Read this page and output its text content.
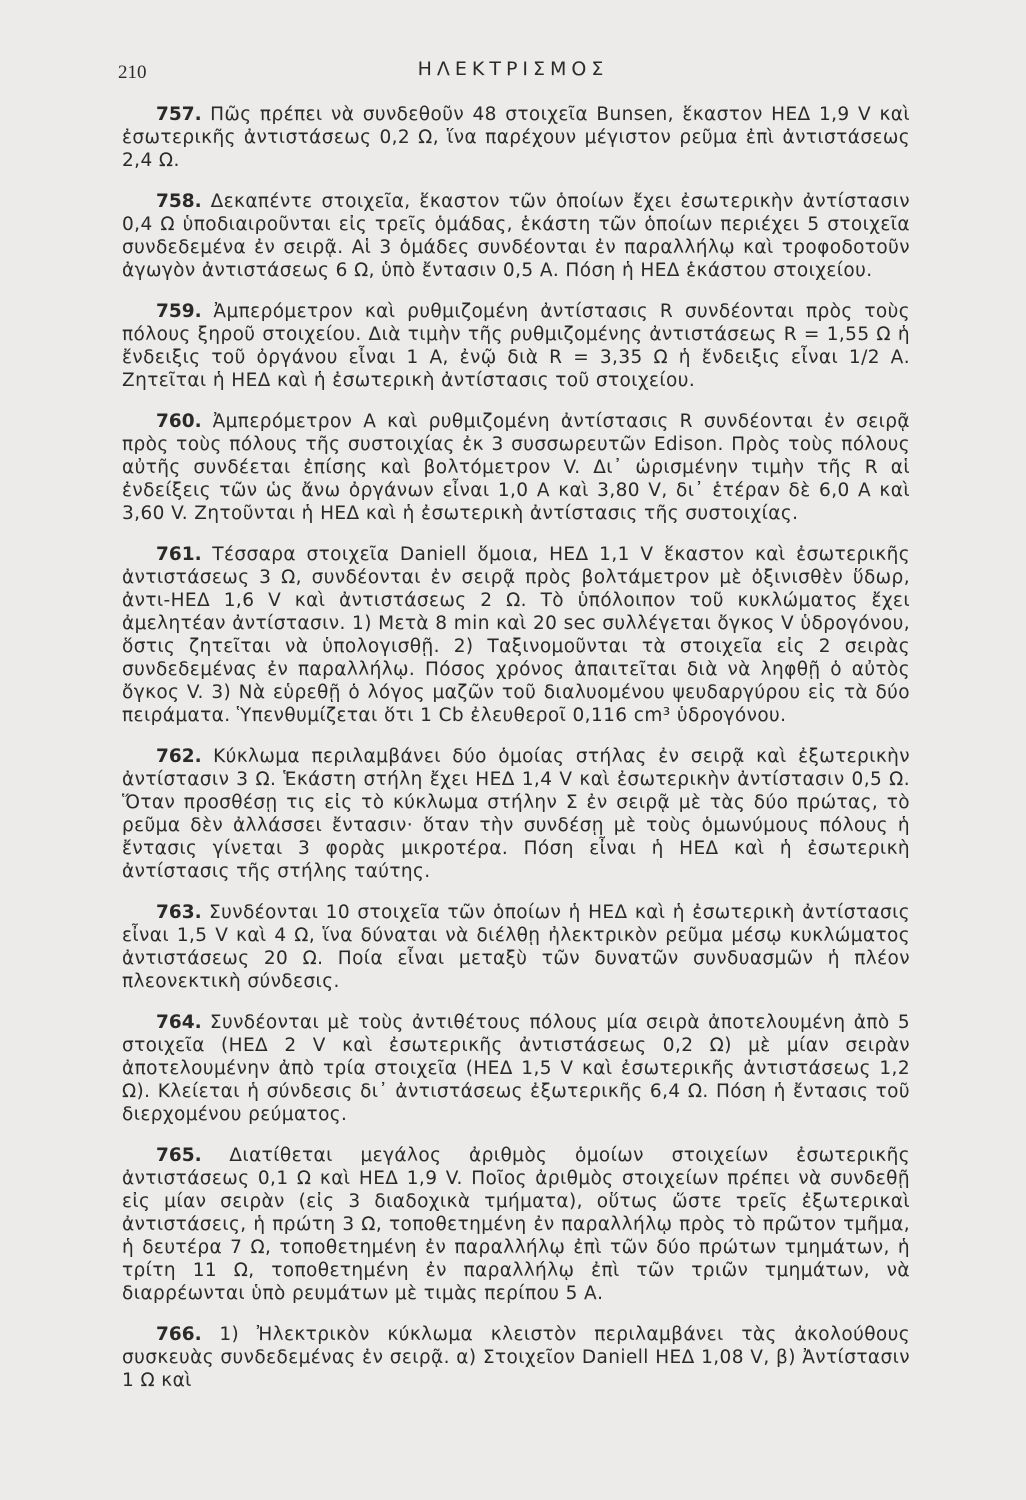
210	ΗΛΕΚΤΡΙΣΜΟΣ

757. Πῶς πρέπει νὰ συνδεθοῦν 48 στοιχεῖα Bunsen, ἕκαστον ΗΕΔ 1,9 V καὶ ἐσωτερικῆς ἀντιστάσεως 0,2 Ω, ἵνα παρέχουν μέγιστον ρεῦμα ἐπὶ ἀντιστάσεως 2,4 Ω.

758. Δεκαπέντε στοιχεῖα, ἕκαστον τῶν ὁποίων ἔχει ἐσωτερικὴν ἀντίστασιν 0,4 Ω ὑποδιαιροῦνται εἰς τρεῖς ὁμάδας, ἑκάστη τῶν ὁποίων περιέχει 5 στοιχεῖα συνδεδεμένα ἐν σειρᾷ. Αἱ 3 ὁμάδες συνδέονται ἐν παραλλήλῳ καὶ τροφοδοτοῦν ἀγωγὸν ἀντιστάσεως 6 Ω, ὑπὸ ἔντασιν 0,5 Α. Πόση ἡ ΗΕΔ ἑκάστου στοιχείου.

759. Ἀμπερόμετρον καὶ ρυθμιζομένη ἀντίστασις R συνδέονται πρὸς τοὺς πόλους ξηροῦ στοιχείου. Διὰ τιμὴν τῆς ρυθμιζομένης ἀντιστάσεως R = 1,55 Ω ἡ ἔνδειξις τοῦ ὀργάνου εἶναι 1 Α, ἐνῷ διὰ R = 3,35 Ω ἡ ἔνδειξις εἶναι 1/2 Α. Ζητεῖται ἡ ΗΕΔ καὶ ἡ ἐσωτερικὴ ἀντίστασις τοῦ στοιχείου.

760. Ἀμπερόμετρον Α καὶ ρυθμιζομένη ἀντίστασις R συνδέονται ἐν σειρᾷ πρὸς τοὺς πόλους τῆς συστοιχίας ἐκ 3 συσσωρευτῶν Edison. Πρὸς τοὺς πόλους αὐτῆς συνδέεται ἐπίσης καὶ βολτόμετρον V. Δι᾽ ὡρισμένην τιμὴν τῆς R αἱ ἐνδείξεις τῶν ὡς ἄνω ὀργάνων εἶναι 1,0 Α καὶ 3,80 V, δι᾽ ἑτέραν δὲ 6,0 Α καὶ 3,60 V. Ζητοῦνται ἡ ΗΕΔ καὶ ἡ ἐσωτερικὴ ἀντίστασις τῆς συστοιχίας.

761. Τέσσαρα στοιχεῖα Daniell ὅμοια, ΗΕΔ 1,1 V ἕκαστον καὶ ἐσωτερικῆς ἀντιστάσεως 3 Ω, συνδέονται ἐν σειρᾷ πρὸς βολτάμετρον μὲ ὀξινισθὲν ὕδωρ, ἀντι-ΗΕΔ 1,6 V καὶ ἀντιστάσεως 2 Ω. Τὸ ὑπόλοιπον τοῦ κυκλώματος ἔχει ἀμελητέαν ἀντίστασιν. 1) Μετὰ 8 min καὶ 20 sec συλλέγεται ὄγκος V ὑδρογόνου, ὅστις ζητεῖται νὰ ὑπολογισθῇ. 2) Ταξινομοῦνται τὰ στοιχεῖα εἰς 2 σειρὰς συνδεδεμένας ἐν παραλλήλῳ. Πόσος χρόνος ἀπαιτεῖται διὰ νὰ ληφθῇ ὁ αὐτὸς ὄγκος V. 3) Νὰ εὑρεθῇ ὁ λόγος μαζῶν τοῦ διαλυομένου ψευδαργύρου εἰς τὰ δύο πειράματα. Ὑπενθυμίζεται ὅτι 1 Cb ἐλευθεροῖ 0,116 cm³ ὑδρογόνου.

762. Κύκλωμα περιλαμβάνει δύο ὁμοίας στήλας ἐν σειρᾷ καὶ ἐξωτερικὴν ἀντίστασιν 3 Ω. Ἑκάστη στήλη ἔχει ΗΕΔ 1,4 V καὶ ἐσωτερικὴν ἀντίστασιν 0,5 Ω. Ὅταν προσθέσῃ τις εἰς τὸ κύκλωμα στήλην Σ ἐν σειρᾷ μὲ τὰς δύο πρώτας, τὸ ρεῦμα δὲν ἀλλάσσει ἔντασιν· ὅταν τὴν συνδέσῃ μὲ τοὺς ὁμωνύμους πόλους ἡ ἔντασις γίνεται 3 φορὰς μικροτέρα. Πόση εἶναι ἡ ΗΕΔ καὶ ἡ ἐσωτερικὴ ἀντίστασις τῆς στήλης ταύτης.

763. Συνδέονται 10 στοιχεῖα τῶν ὁποίων ἡ ΗΕΔ καὶ ἡ ἐσωτερικὴ ἀντίστασις εἶναι 1,5 V καὶ 4 Ω, ἵνα δύναται νὰ διέλθῃ ἠλεκτρικὸν ρεῦμα μέσῳ κυκλώματος ἀντιστάσεως 20 Ω. Ποία εἶναι μεταξὺ τῶν δυνατῶν συνδυασμῶν ἡ πλέον πλεονεκτικὴ σύνδεσις.

764. Συνδέονται μὲ τοὺς ἀντιθέτους πόλους μία σειρὰ ἀποτελουμένη ἀπὸ 5 στοιχεῖα (ΗΕΔ 2 V καὶ ἐσωτερικῆς ἀντιστάσεως 0,2 Ω) μὲ μίαν σειρὰν ἀποτελουμένην ἀπὸ τρία στοιχεῖα (ΗΕΔ 1,5 V καὶ ἐσωτερικῆς ἀντιστάσεως 1,2 Ω). Κλείεται ἡ σύνδεσις δι᾽ ἀντιστάσεως ἐξωτερικῆς 6,4 Ω. Πόση ἡ ἔντασις τοῦ διερχομένου ρεύματος.

765. Διατίθεται μεγάλος ἀριθμὸς ὁμοίων στοιχείων ἐσωτερικῆς ἀντιστάσεως 0,1 Ω καὶ ΗΕΔ 1,9 V. Ποῖος ἀριθμὸς στοιχείων πρέπει νὰ συνδεθῇ εἰς μίαν σειρὰν (εἰς 3 διαδοχικὰ τμήματα), οὕτως ὥστε τρεῖς ἐξωτερικαὶ ἀντιστάσεις, ἡ πρώτη 3 Ω, τοποθετημένη ἐν παραλλήλῳ πρὸς τὸ πρῶτον τμῆμα, ἡ δευτέρα 7 Ω, τοποθετημένη ἐν παραλλήλῳ ἐπὶ τῶν δύο πρώτων τμημάτων, ἡ τρίτη 11 Ω, τοποθετημένη ἐν παραλλήλῳ ἐπὶ τῶν τριῶν τμημάτων, νὰ διαρρέωνται ὑπὸ ρευμάτων μὲ τιμὰς περίπου 5 Α.

766. 1) Ἠλεκτρικὸν κύκλωμα κλειστὸν περιλαμβάνει τὰς ἀκολούθους συσκευὰς συνδεδεμένας ἐν σειρᾷ. α) Στοιχεῖον Daniell ΗΕΔ 1,08 V, β) Ἀντίστασιν 1 Ω καὶ
